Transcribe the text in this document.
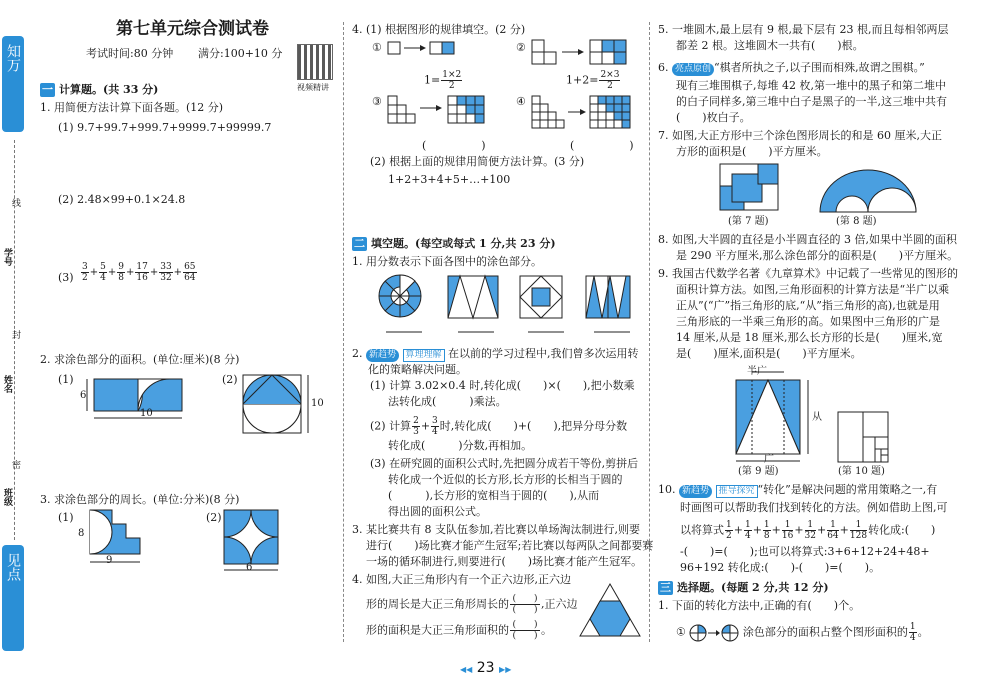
知万
见点
线
封
密
学号
姓名
班级
第七单元综合测试卷
考试时间:80 分钟 满分:100+10 分
视频精讲
一 计算题。(共 33 分)
1. 用简便方法计算下面各题。(12 分)
(1) 9.7+99.7+999.7+9999.7+99999.7
(2) 2.48×99+0.1×24.8
$(3) \frac{3}{2} + \frac{5}{4} + \frac{9}{8} + \frac{17}{16} + \frac{33}{32} + \frac{65}{64}$
2. 求涂色部分的面积。(单位:厘米)(8 分)
(1)
6
10
(2)
10
3. 求涂色部分的周长。(单位:分米)(8 分)
(1)
8
9
(2)
6
4. (1) 根据图形的规律填空。(2 分)
①	②
$1= \frac{1\times 2}{2}$	$1+2= \frac{2\times 3}{2}$
③	④
(　　　　　)	(　　　　　)
(2) 根据上面的规律用简便方法计算。(3 分)
1+2+3+4+5+…+100
二 填空题。(每空或每式 1 分,共 23 分)
1. 用分数表示下面各图中的涂色部分。
2. 新趋势 算理理解 在以前的学习过程中,我们曾多次运用转
化的策略解决问题。
(1) 计算 3.02×0.4 时,转化成(　　)×(　　),把小数乘
法转化成(　　　)乘法。
(2) 计算 $\frac{2}{3} + \frac{3}{4}$ 时,转化成(　　)+(　　),把异分母分数
转化成(　　　)分数,再相加。
(3) 在研究圆的面积公式时,先把圆分成若干等份,剪拼后
转化成一个近似的长方形,长方形的长相当于圆的
(　　　),长方形的宽相当于圆的(　　),从而
得出圆的面积公式。
3. 某比赛共有 8 支队伍参加,若比赛以单场淘汰制进行,则要
进行(　　)场比赛才能产生冠军;若比赛以每两队之间都要赛
一场的循环制进行,则要进行(　　)场比赛才能产生冠军。
4. 如图,大正三角形内有一个正六边形,正六边
形的周长是大正三角形周长的 (　　)
(　　) ,正六边
形的面积是大正三角形面积的 (　　)
(　　) 。
5. 一堆圆木,最上层有 9 根,最下层有 23 根,而且每相邻两层
都差 2 根。这堆圆木一共有(　　)根。
6. 亮点原创 “棋者所执之子,以子围而相殊,故谓之围棋。”
现有三堆围棋子,每堆 42 枚,第一堆中的黑子和第二堆中
的白子同样多,第三堆中白子是黑子的一半,这三堆中共有
(　　)枚白子。
7. 如图,大正方形中三个涂色图形周长的和是 60 厘米,大正
方形的面积是(　　)平方厘米。
(第 7 题)	(第 8 题)
8. 如图,大半圆的直径是小半圆直径的 3 倍,如果中半圆的面积
是 290 平方厘米,那么涂色部分的面积是(　　)平方厘米。
9. 我国古代数学名著《九章算术》中记载了一些常见的图形的
面积计算方法。如图,三角形面积的计算方法是“半广以乘
正从”(“广”指三角形的底,“从”指三角形的高),也就是用
三角形底的一半乘三角形的高。如果图中三角形的广是
14 厘米,从是 18 厘米,那么长方形的长是(　　)厘米,宽
是(　　)厘米,面积是(　　)平方厘米。
半广
从
广
(第 9 题)	(第 10 题)
10. 新趋势 推导探究 “转化”是解决问题的常用策略之一,有
时画图可以帮助我们找到转化的方法。例如借助上图,可
以将算式 $\frac{1}{2} + \frac{1}{4} + \frac{1}{8} + \frac{1}{16} + \frac{1}{32} + \frac{1}{64} + \frac{1}{128}$ 转化成:(　　)
-(　　)=(　　);也可以将算式:3+6+12+24+48+
96+192 转化成:(　　)-(　　)=(　　)。
三 选择题。(每题 2 分,共 12 分)
1. 下面的转化方法中,正确的有(　　)个。
①	涂色部分的面积占整个图形面积的 $\frac{1}{4}$ 。
◀◀ 23 ▶▶
